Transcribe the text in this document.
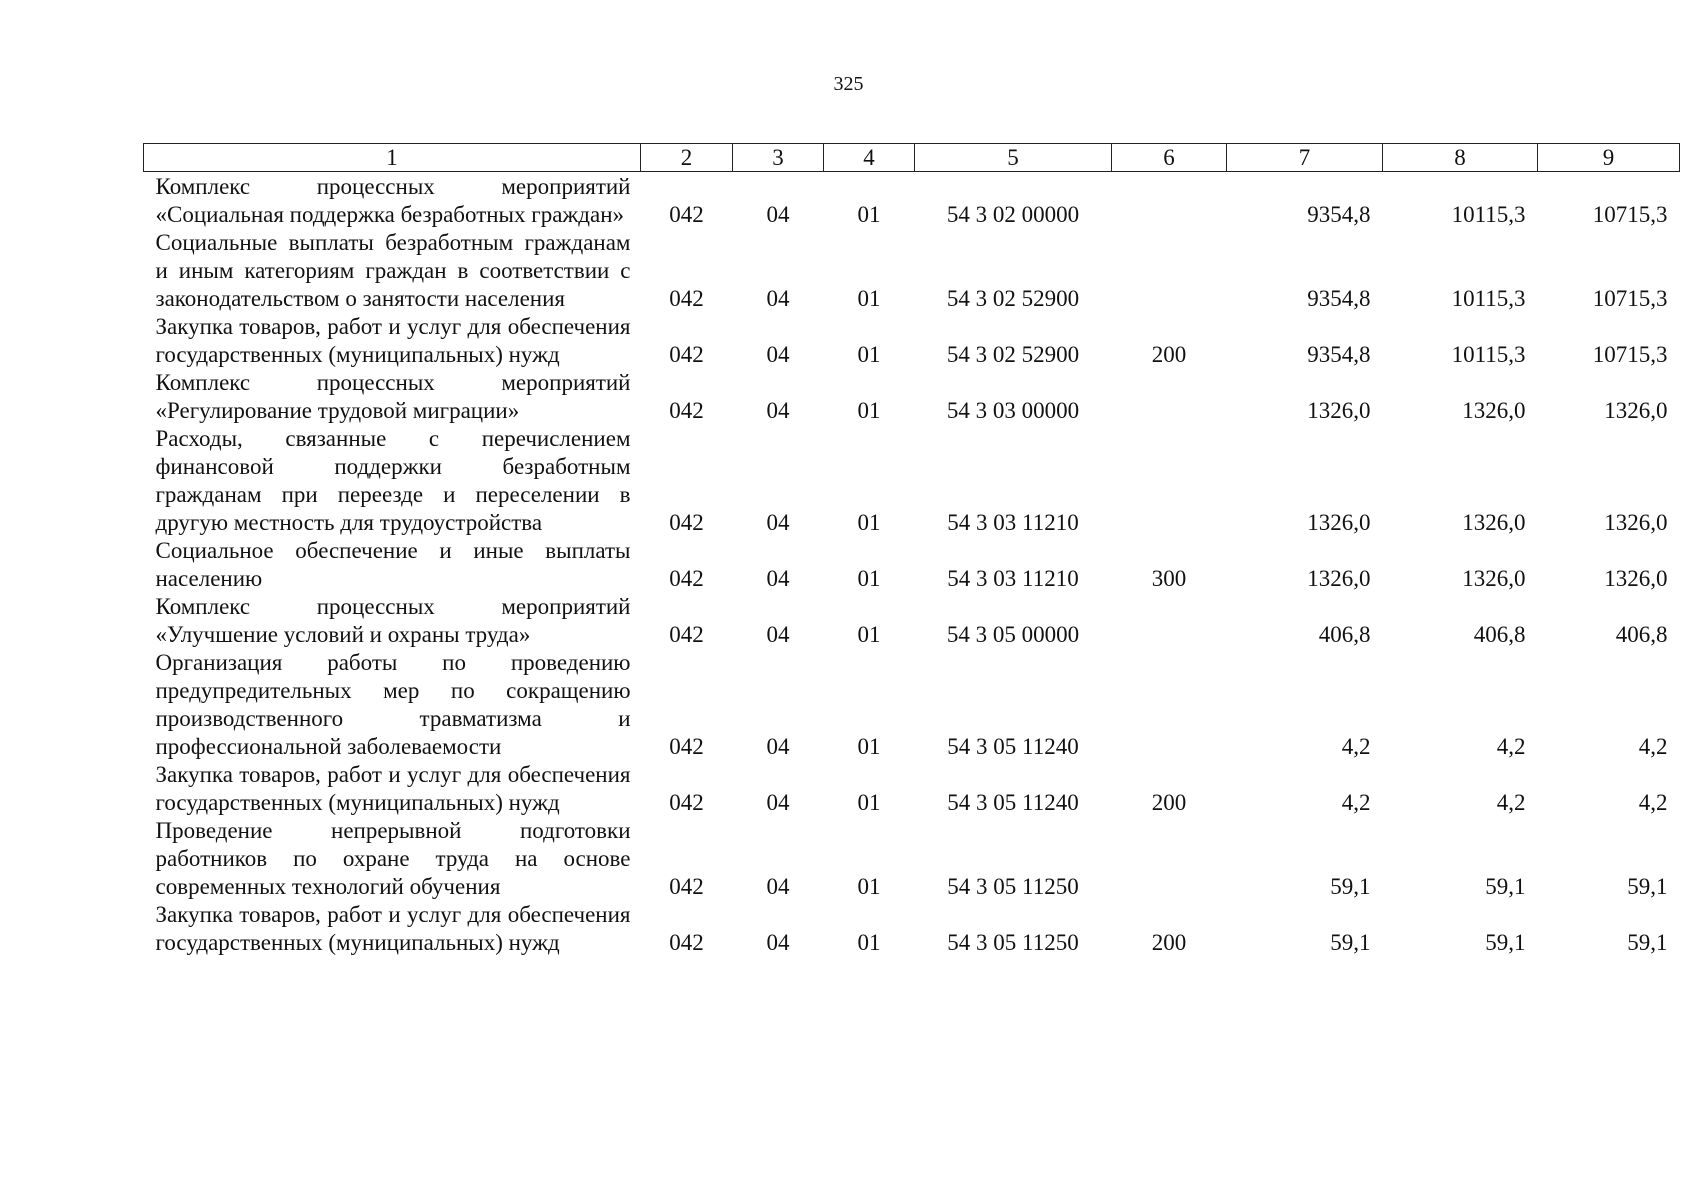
325
1	2	3	4	5	6	7	8	9
Комплекс процессных мероприятий «Социальная поддержка безработных граждан»	042	04	01	54 3 02 00000		9354,8	10115,3	10715,3
Социальные выплаты безработным гражданам и иным категориям граждан в соответствии с законодательством о занятости населения	042	04	01	54 3 02 52900		9354,8	10115,3	10715,3
Закупка товаров, работ и услуг для обеспечения государственных (муниципальных) нужд	042	04	01	54 3 02 52900	200	9354,8	10115,3	10715,3
Комплекс процессных мероприятий «Регулирование трудовой миграции»	042	04	01	54 3 03 00000		1326,0	1326,0	1326,0
Расходы, связанные с перечислением финансовой поддержки безработным гражданам при переезде и переселении в другую местность для трудоустройства	042	04	01	54 3 03 11210		1326,0	1326,0	1326,0
Социальное обеспечение и иные выплаты населению	042	04	01	54 3 03 11210	300	1326,0	1326,0	1326,0
Комплекс процессных мероприятий «Улучшение условий и охраны труда»	042	04	01	54 3 05 00000		406,8	406,8	406,8
Организация работы по проведению предупредительных мер по сокращению производственного травматизма и профессиональной заболеваемости	042	04	01	54 3 05 11240		4,2	4,2	4,2
Закупка товаров, работ и услуг для обеспечения государственных (муниципальных) нужд	042	04	01	54 3 05 11240	200	4,2	4,2	4,2
Проведение непрерывной подготовки работников по охране труда на основе современных технологий обучения	042	04	01	54 3 05 11250		59,1	59,1	59,1
Закупка товаров, работ и услуг для обеспечения государственных (муниципальных) нужд	042	04	01	54 3 05 11250	200	59,1	59,1	59,1
